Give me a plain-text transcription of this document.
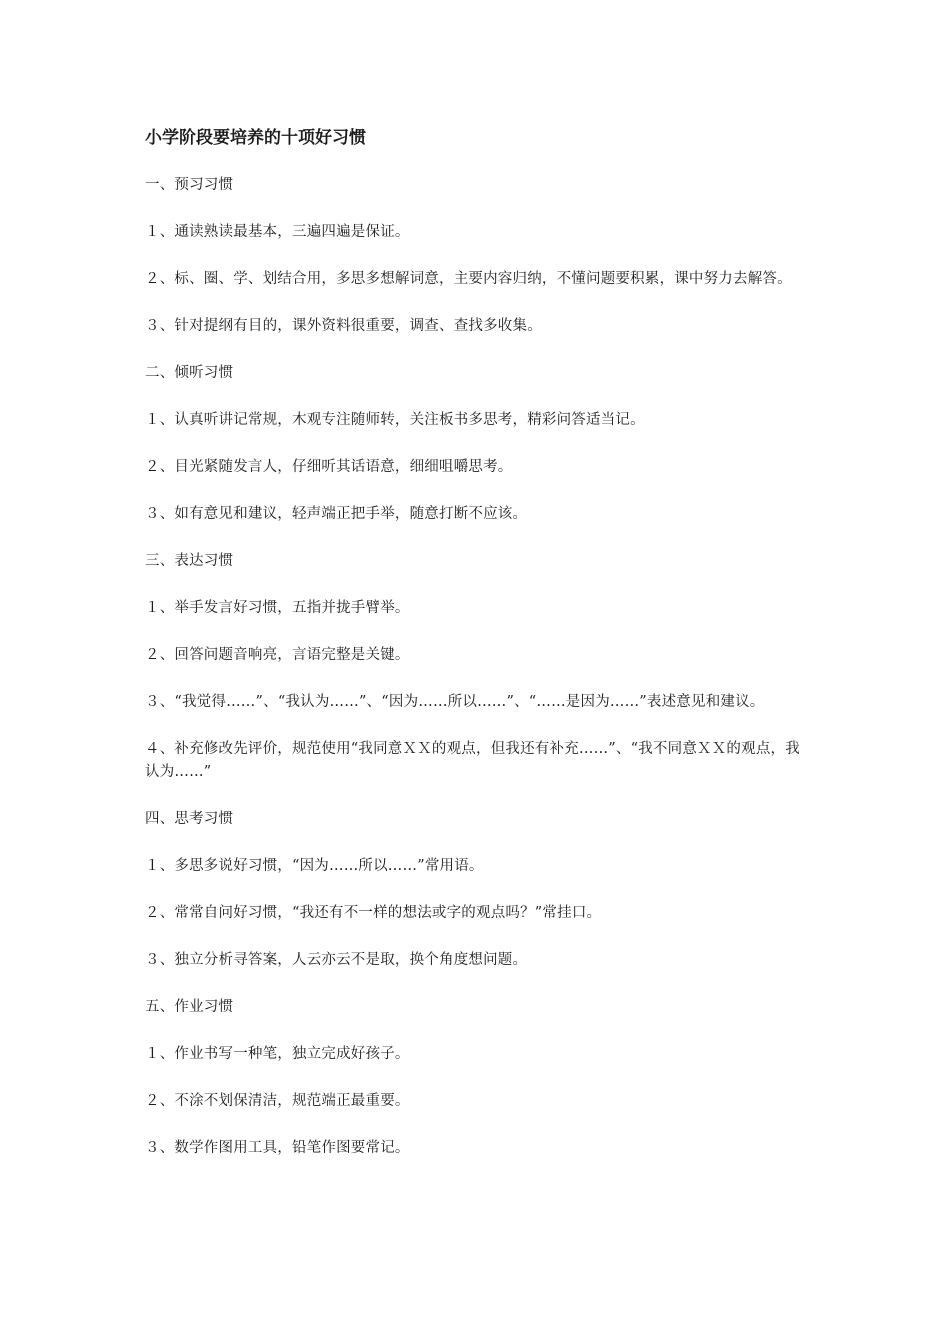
小学阶段要培养的十项好习惯

一、预习习惯

１、通读熟读最基本，三遍四遍是保证。

２、标、圈、学、划结合用，多思多想解词意，主要内容归纳，不懂问题要积累，课中努力去解答。

３、针对提纲有目的，课外资料很重要，调查、查找多收集。

二、倾听习惯

１、认真听讲记常规，木观专注随师转，关注板书多思考，精彩问答适当记。

２、目光紧随发言人，仔细听其话语意，细细咀嚼思考。

３、如有意见和建议，轻声端正把手举，随意打断不应该。

三、表达习惯

１、举手发言好习惯，五指并拢手臂举。

２、回答问题音响亮，言语完整是关键。

３、“我觉得……”、“我认为……”、“因为……所以……”、“……是因为……”表述意见和建议。

４、补充修改先评价，规范使用“我同意ＸＸ的观点，但我还有补充……”、“我不同意ＸＸ的观点，我认为……”

四、思考习惯

１、多思多说好习惯，“因为……所以……”常用语。

２、常常自问好习惯，“我还有不一样的想法或字的观点吗？”常挂口。

３、独立分析寻答案，人云亦云不是取，换个角度想问题。

五、作业习惯

１、作业书写一种笔，独立完成好孩子。

２、不涂不划保清洁，规范端正最重要。

３、数学作图用工具，铅笔作图要常记。
